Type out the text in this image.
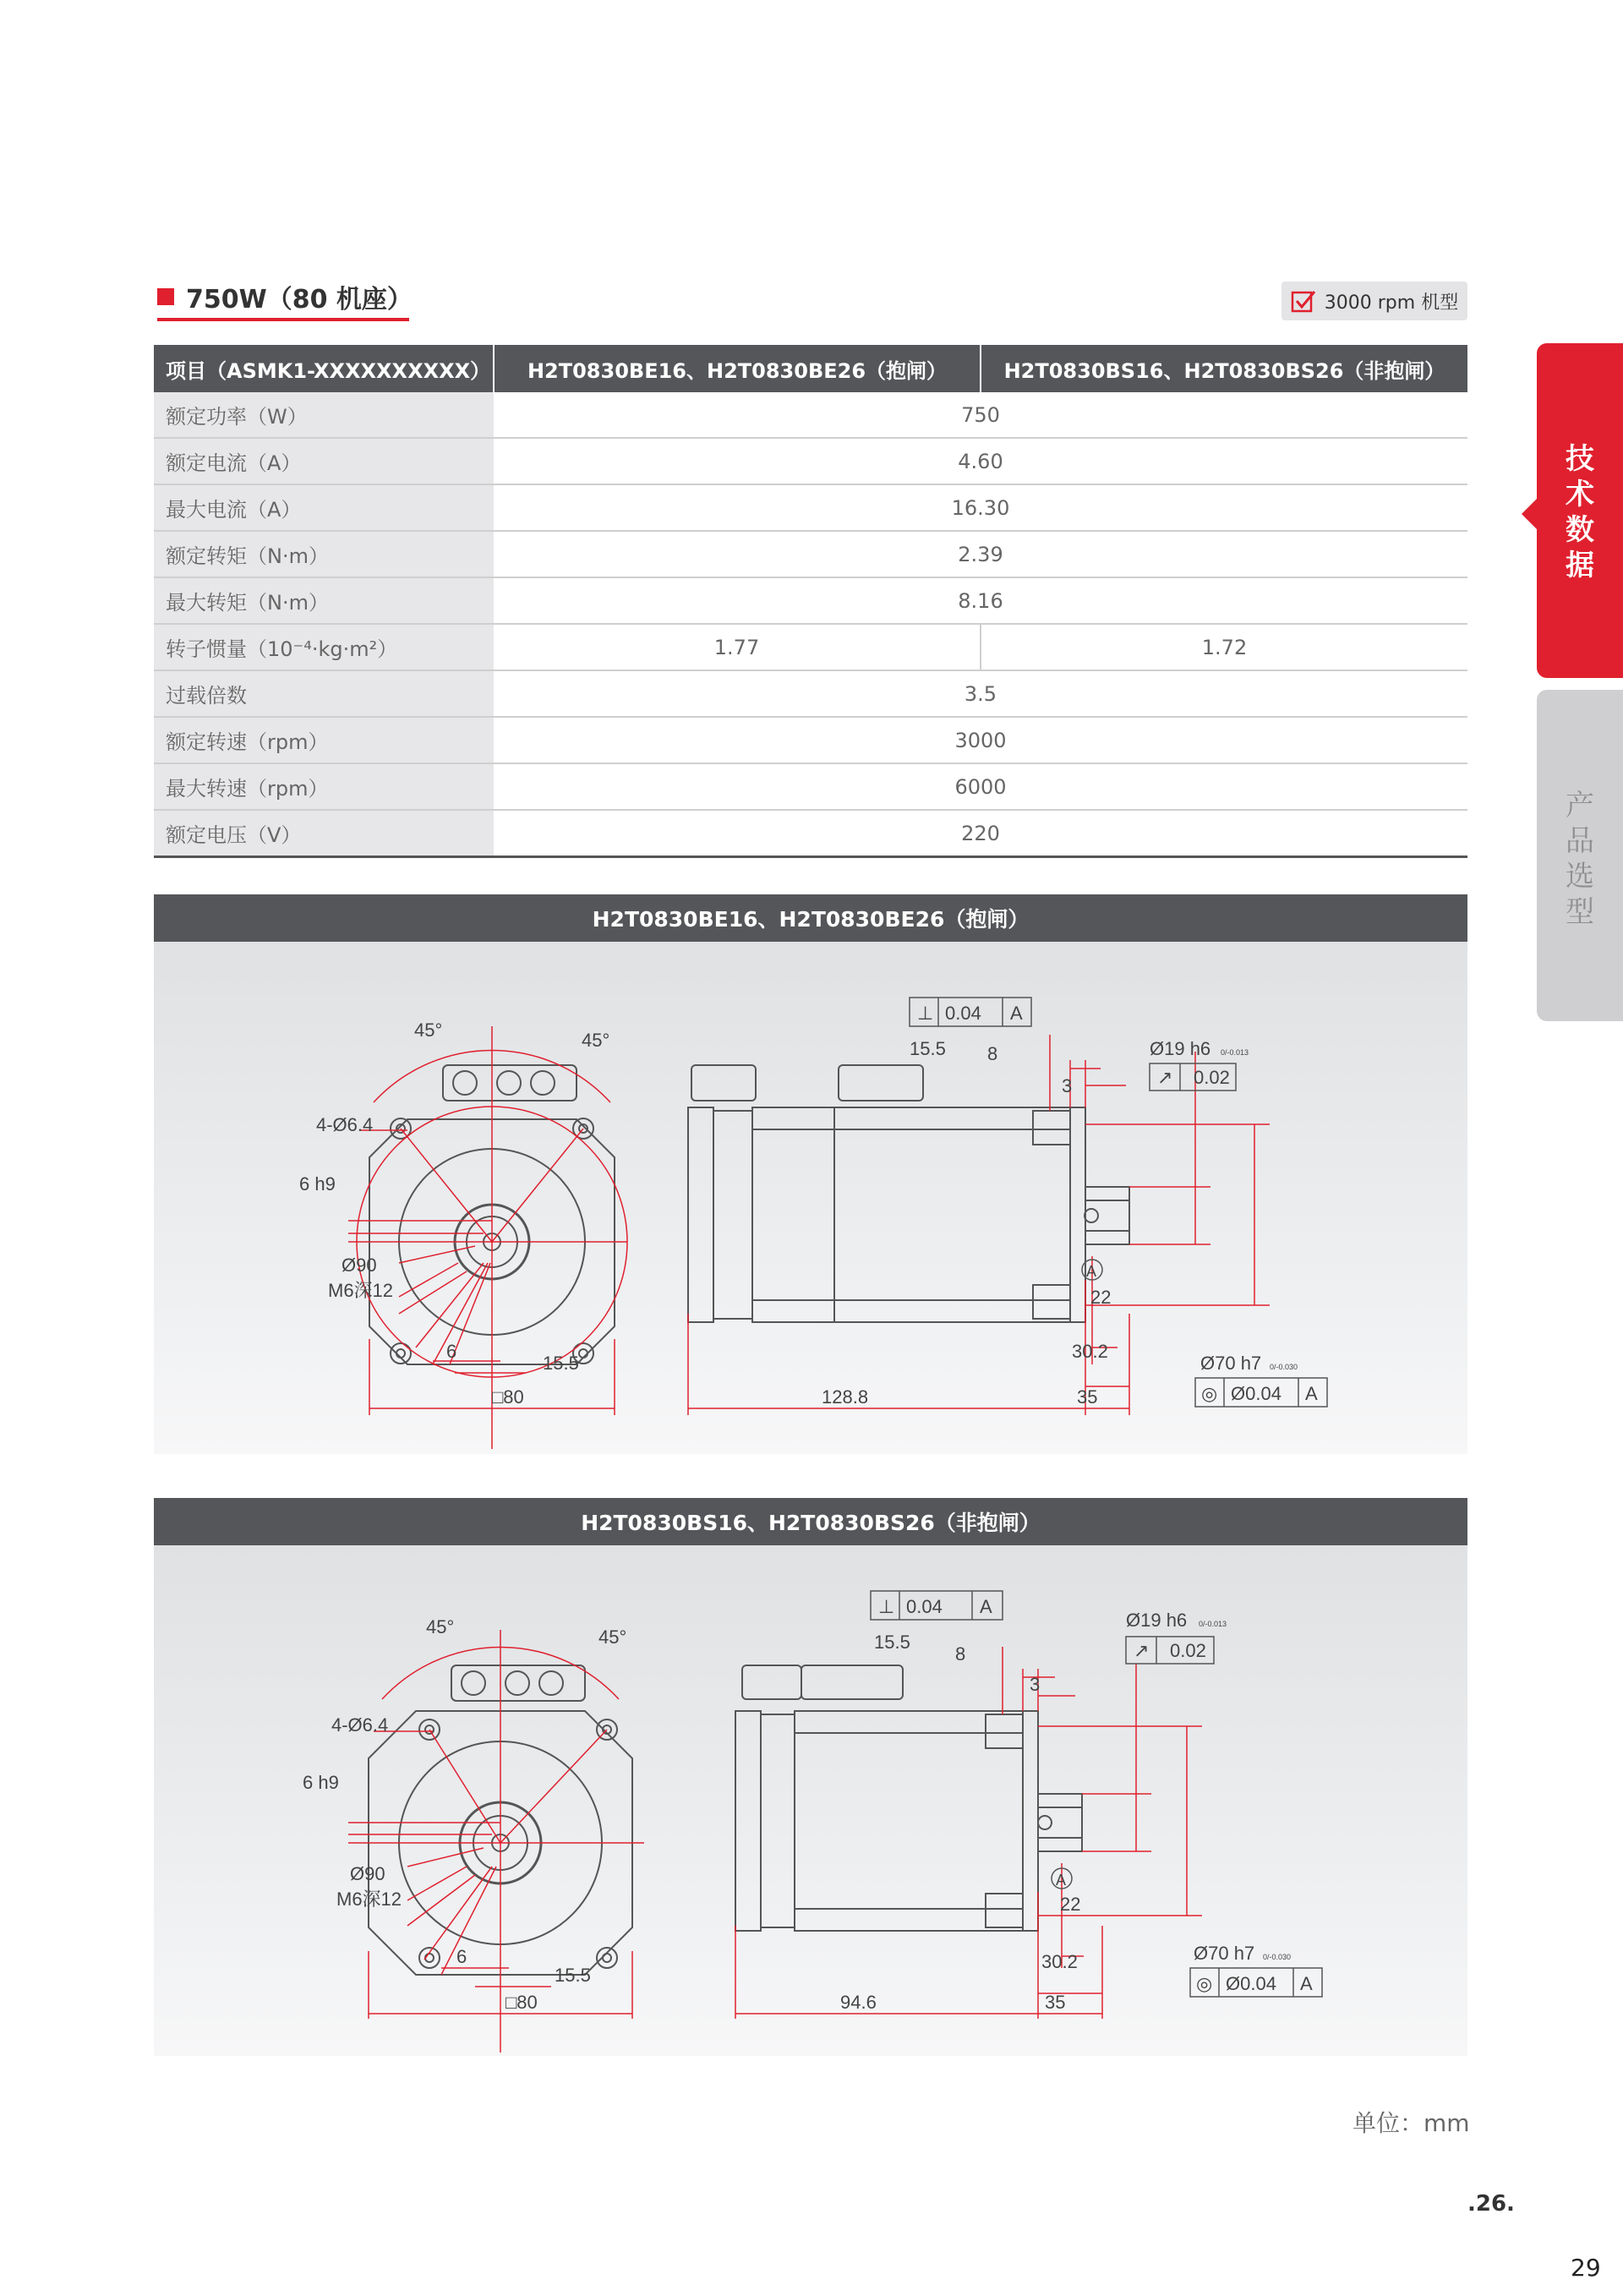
750W（80 机座）	3000 rpm 机型
项目（ASMK1-XXXXXXXXXX）	H2T0830BE16、H2T0830BE26（抱闸）	H2T0830BS16、H2T0830BS26（非抱闸）
额定功率（W）	750	
额定电流（A）	4.60	
最大电流（A）	16.30	
额定转矩（N·m）	2.39	
最大转矩（N·m）	8.16	
转子惯量（10⁻⁴·kg·m²）	1.77	1.72
过载倍数	3.5	
额定转速（rpm）	3000	
最大转速（rpm）	6000	
额定电压（V）	220	
H2T0830BE16、H2T0830BE26（抱闸）
45°	45°
4-Ø6.4
6 h9
Ø90
M6深12
6
15.5
□80
⊥ 0.04 A
15.5 8
3
Ø19 h6 0/-0.013
↗ 0.02
A
22
30.2
35
128.8
Ø70 h7 0/-0.030
◎ Ø0.04 A
H2T0830BS16、H2T0830BS26（非抱闸）
45°	45°
4-Ø6.4
6 h9
Ø90
M6深12
6
15.5
□80
⊥ 0.04 A
15.5
8
3
Ø19 h6 0/-0.013
↗ 0.02
A
22
30.2
35
94.6
Ø70 h7 0/-0.030
◎ Ø0.04 A
技
术
数
据
产
品
选
型
单位：mm
.26.
29
